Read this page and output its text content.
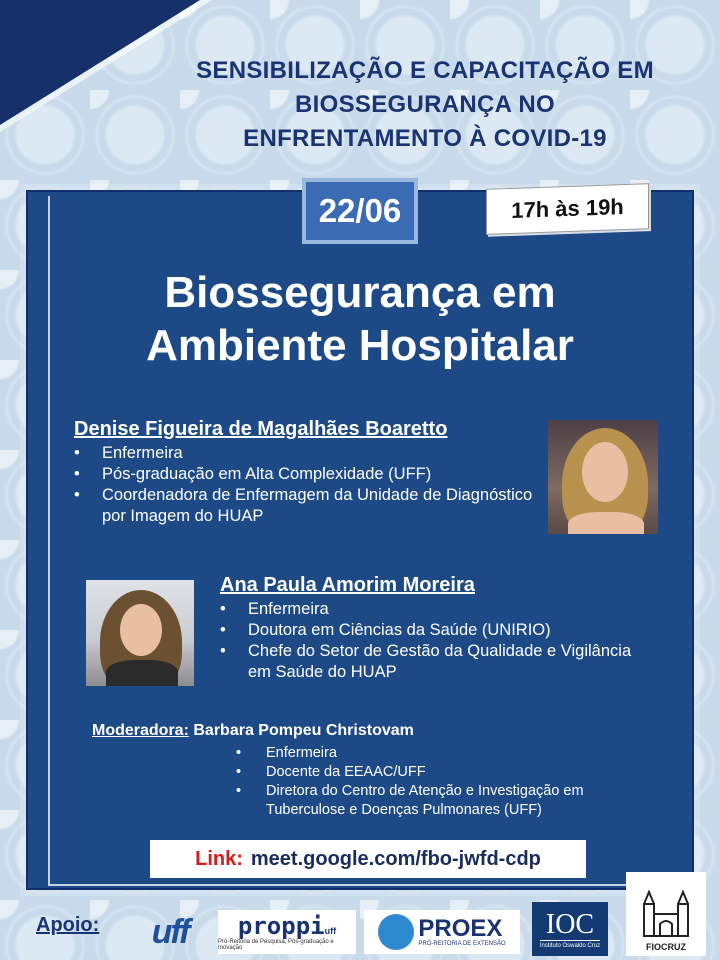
SENSIBILIZAÇÃO E CAPACITAÇÃO EM
BIOSSEGURANÇA NO
ENFRENTAMENTO À COVID-19
22/06	17h às 19h
Biossegurança em
Ambiente Hospitalar
Denise Figueira de Magalhães Boaretto
• Enfermeira
• Pós-graduação em Alta Complexidade (UFF)
• Coordenadora de Enfermagem da Unidade de Diagnóstico por Imagem do HUAP
Ana Paula Amorim Moreira
• Enfermeira
• Doutora em Ciências da Saúde (UNIRIO)
• Chefe do Setor de Gestão da Qualidade e Vigilância em Saúde do HUAP
Moderadora: Barbara Pompeu Christovam
• Enfermeira
• Docente da EEAAC/UFF
• Diretora do Centro de Atenção e Investigação em Tuberculose e Doenças Pulmonares (UFF)
Link: meet.google.com/fbo-jwfd-cdp
Apoio: uff proppiuff
Pró-Reitoria de Pesquisa, Pós-graduação e Inovação
PROEX
PRÓ-REITORIA DE EXTENSÃO
IOC
Instituto Oswaldo Cruz	FIOCRUZ
